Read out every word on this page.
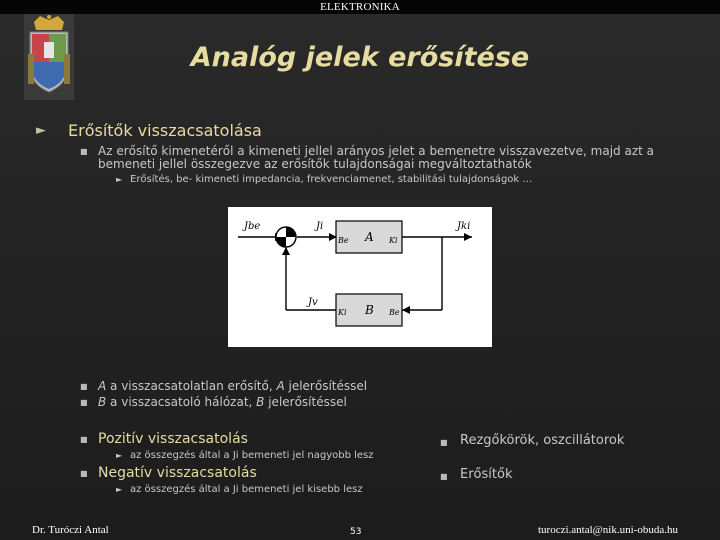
ELEKTRONIKA
Analóg jelek erősítése
► Erősítők visszacsatolása
■ Az erősítő kimenetéről a kimeneti jellel arányos jelet a bemenetre visszavezetve, majd azt a
bemeneti jellel összegezve az erősítők tulajdonságai megváltoztathatók
► Erősítés, be- kimeneti impedancia, frekvenciamenet, stabilitási tulajdonságok …
Jbe	Ji
Be A Ki
Jki
Jv
Ki B Be
■ A a visszacsatolatlan erősítő, A jelerősítéssel
■ B a visszacsatoló hálózat, B jelerősítéssel
■ Pozitív visszacsatolás
► az összegzés által a Ji bemeneti jel nagyobb lesz
■ Negatív visszacsatolás
► az összegzés által a Ji bemeneti jel kisebb lesz
■ Rezgőkörök, oszcillátorok
■ Erősítők
Dr. Turóczi Antal	53	turoczi.antal@nik.uni-obuda.hu
